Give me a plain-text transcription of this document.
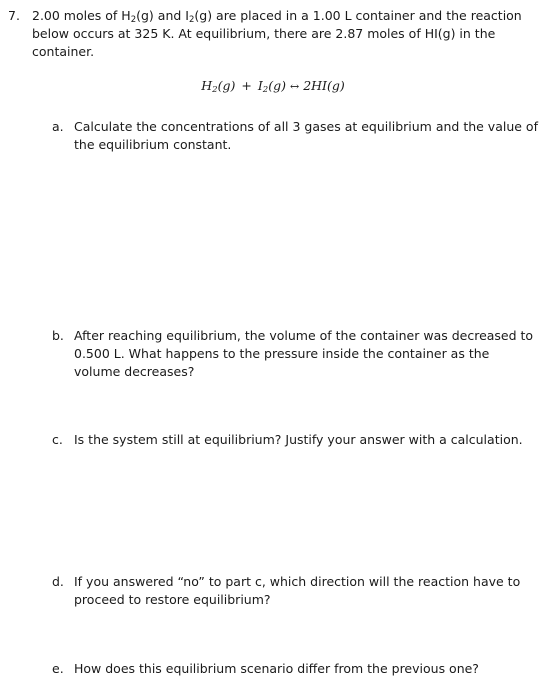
7. 2.00 moles of $H_2(g)$ and $I_2(g)$ are placed in a 1.00 L container and the reaction below occurs at 325 K. At equilibrium, there are 2.87 moles of HI(g) in the container.
$H_2(g) + I_2(g)$ ↔ 2HI(g)
a. Calculate the concentrations of all 3 gases at equilibrium and the value of the equilibrium constant.
b. After reaching equilibrium, the volume of the container was decreased to 0.500 L. What happens to the pressure inside the container as the volume decreases?
c. Is the system still at equilibrium? Justify your answer with a calculation.
d. If you answered “no” to part c, which direction will the reaction have to proceed to restore equilibrium?
e. How does this equilibrium scenario differ from the previous one?
